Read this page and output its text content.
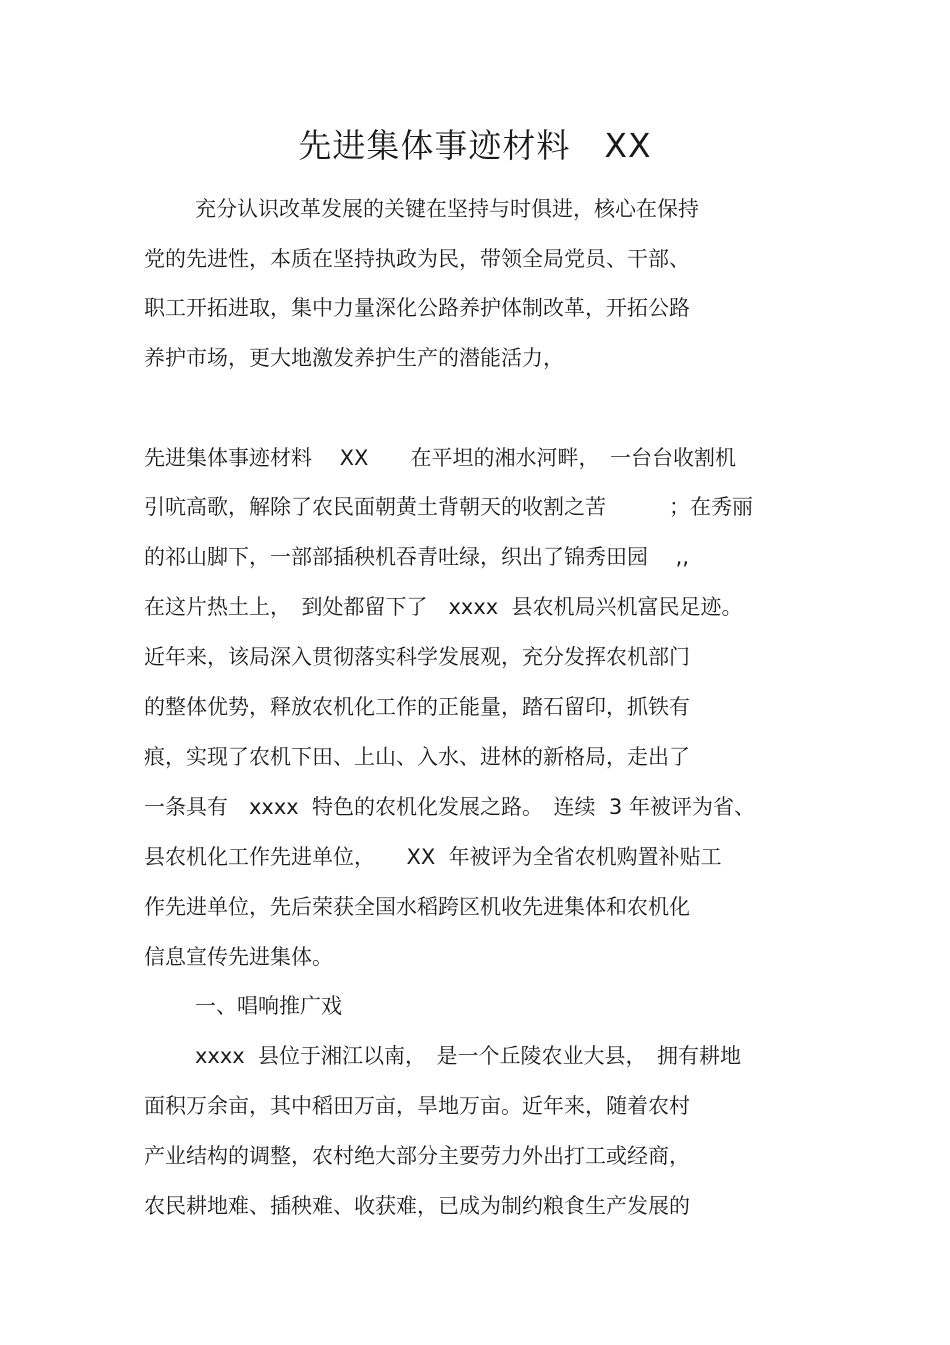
先进集体事迹材料　XX
充分认识改革发展的关键在坚持与时俱进，核心在保持
党的先进性，本质在坚持执政为民，带领全局党员、干部、
职工开拓进取，集中力量深化公路养护体制改革，开拓公路
养护市场，更大地激发养护生产的潜能活力，
先进集体事迹材料　 XX　　在平坦的湘水河畔，　一台台收割机
引吭高歌，解除了农民面朝黄土背朝天的收割之苦　　　；在秀丽
的祁山脚下，一部部插秧机吞青吐绿，织出了锦秀田园　 ,,
在这片热土上，　到处都留下了　xxxx  县农机局兴机富民足迹。
近年来，该局深入贯彻落实科学发展观，充分发挥农机部门
的整体优势，释放农机化工作的正能量，踏石留印，抓铁有
痕，实现了农机下田、上山、入水、进林的新格局，走出了
一条具有　xxxx  特色的农机化发展之路。　连续  3 年被评为省、
县农机化工作先进单位，　　XX  年被评为全省农机购置补贴工
作先进单位，先后荣获全国水稻跨区机收先进集体和农机化
信息宣传先进集体。
一、唱响推广戏
xxxx  县位于湘江以南，　是一个丘陵农业大县，　拥有耕地
面积万余亩，其中稻田万亩，旱地万亩。近年来，随着农村
产业结构的调整，农村绝大部分主要劳力外出打工或经商，
农民耕地难、插秧难、收获难，已成为制约粮食生产发展的
